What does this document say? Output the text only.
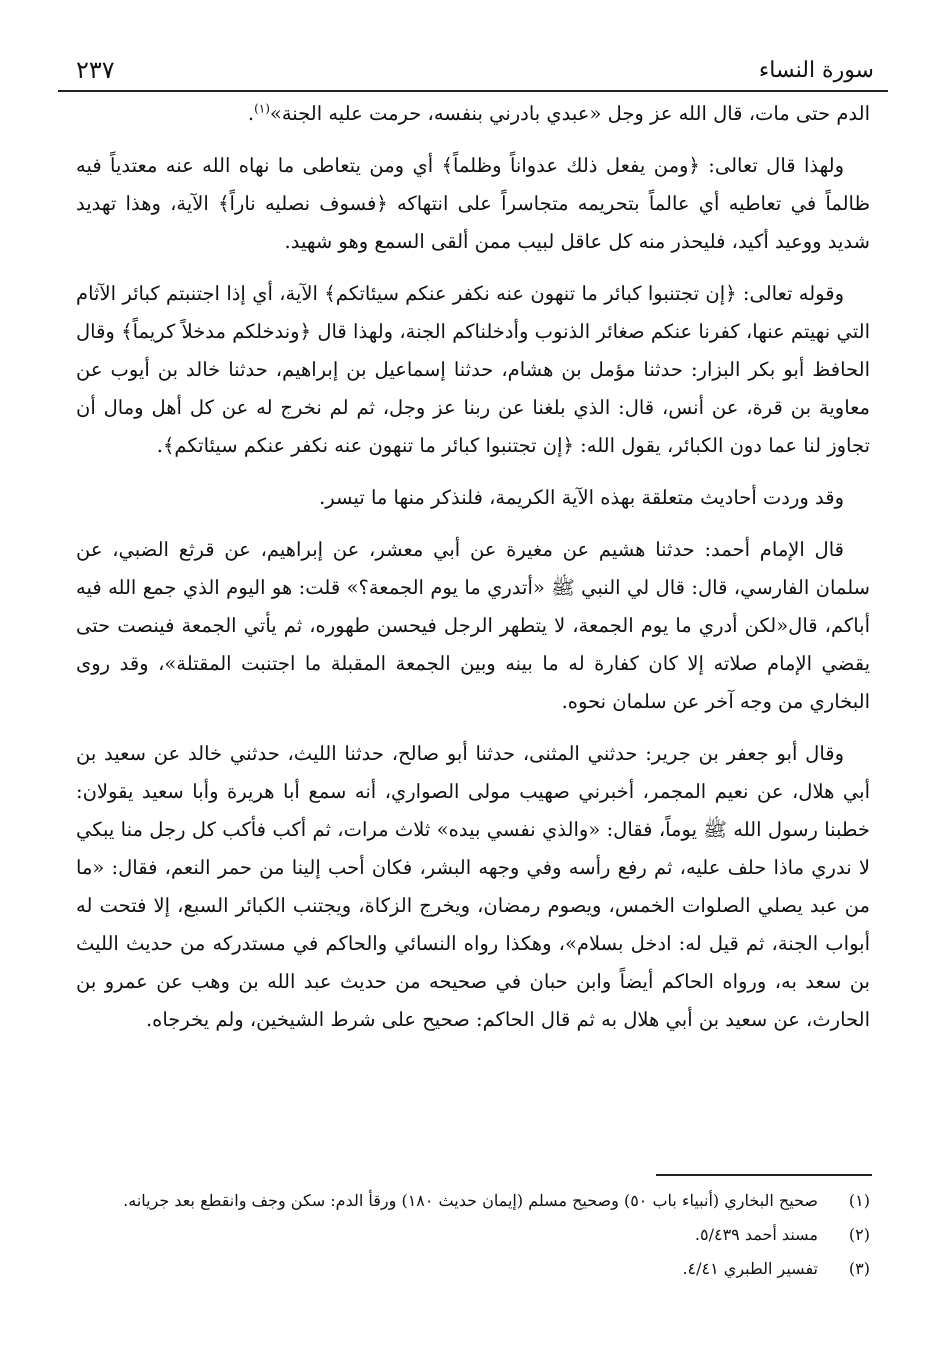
سورة النساء
٢٣٧

الدم حتى مات، قال الله عز وجل «عبدي بادرني بنفسه، حرمت عليه الجنة»$^{(١)}$.

ولهذا قال تعالى: ﴿ومن يفعل ذلك عدواناً وظلماً﴾ أي ومن يتعاطى ما نهاه الله عنه معتدياً فيه ظالماً في تعاطيه أي عالماً بتحريمه متجاسراً على انتهاكه ﴿فسوف نصليه ناراً﴾ الآية، وهذا تهديد شديد ووعيد أكيد، فليحذر منه كل عاقل لبيب ممن ألقى السمع وهو شهيد.

وقوله تعالى: ﴿إن تجتنبوا كبائر ما تنهون عنه نكفر عنكم سيئاتكم﴾ الآية، أي إذا اجتنبتم كبائر الآثام التي نهيتم عنها، كفرنا عنكم صغائر الذنوب وأدخلناكم الجنة، ولهذا قال ﴿وندخلكم مدخلاً كريماً﴾ وقال الحافظ أبو بكر البزار: حدثنا مؤمل بن هشام، حدثنا إسماعيل بن إبراهيم، حدثنا خالد بن أيوب عن معاوية بن قرة، عن أنس، قال: الذي بلغنا عن ربنا عز وجل، ثم لم نخرج له عن كل أهل ومال أن تجاوز لنا عما دون الكبائر، يقول الله: ﴿إن تجتنبوا كبائر ما تنهون عنه نكفر عنكم سيئاتكم﴾.

وقد وردت أحاديث متعلقة بهذه الآية الكريمة، فلنذكر منها ما تيسر.

قال الإمام أحمد: حدثنا هشيم عن مغيرة عن أبي معشر، عن إبراهيم، عن قرثع الضبي، عن سلمان الفارسي، قال: قال لي النبي ﷺ «أتدري ما يوم الجمعة؟» قلت: هو اليوم الذي جمع الله فيه أباكم، قال«لكن أدري ما يوم الجمعة، لا يتطهر الرجل فيحسن طهوره، ثم يأتي الجمعة فينصت حتى يقضي الإمام صلاته إلا كان كفارة له ما بينه وبين الجمعة المقبلة ما اجتنبت المقتلة»، وقد روى البخاري من وجه آخر عن سلمان نحوه.

وقال أبو جعفر بن جرير: حدثني المثنى، حدثنا أبو صالح، حدثنا الليث، حدثني خالد عن سعيد بن أبي هلال، عن نعيم المجمر، أخبرني صهيب مولى الصواري، أنه سمع أبا هريرة وأبا سعيد يقولان: خطبنا رسول الله ﷺ يوماً، فقال: «والذي نفسي بيده» ثلاث مرات، ثم أكب فأكب كل رجل منا يبكي لا ندري ماذا حلف عليه، ثم رفع رأسه وفي وجهه البشر، فكان أحب إلينا من حمر النعم، فقال: «ما من عبد يصلي الصلوات الخمس، ويصوم رمضان، ويخرج الزكاة، ويجتنب الكبائر السبع، إلا فتحت له أبواب الجنة، ثم قيل له: ادخل بسلام»، وهكذا رواه النسائي والحاكم في مستدركه من حديث الليث بن سعد به، ورواه الحاكم أيضاً وابن حبان في صحيحه من حديث عبد الله بن وهب عن عمرو بن الحارث، عن سعيد بن أبي هلال به ثم قال الحاكم: صحيح على شرط الشيخين، ولم يخرجاه.

(١)
صحيح البخاري (أنبياء باب ٥٠) وصحيح مسلم (إيمان حديث ١٨٠) ورقأ الدم: سكن وجف وانقطع بعد جريانه.
(٢)
مسند أحمد ٥/٤٣٩.
(٣)
تفسير الطبري ٤/٤١.
